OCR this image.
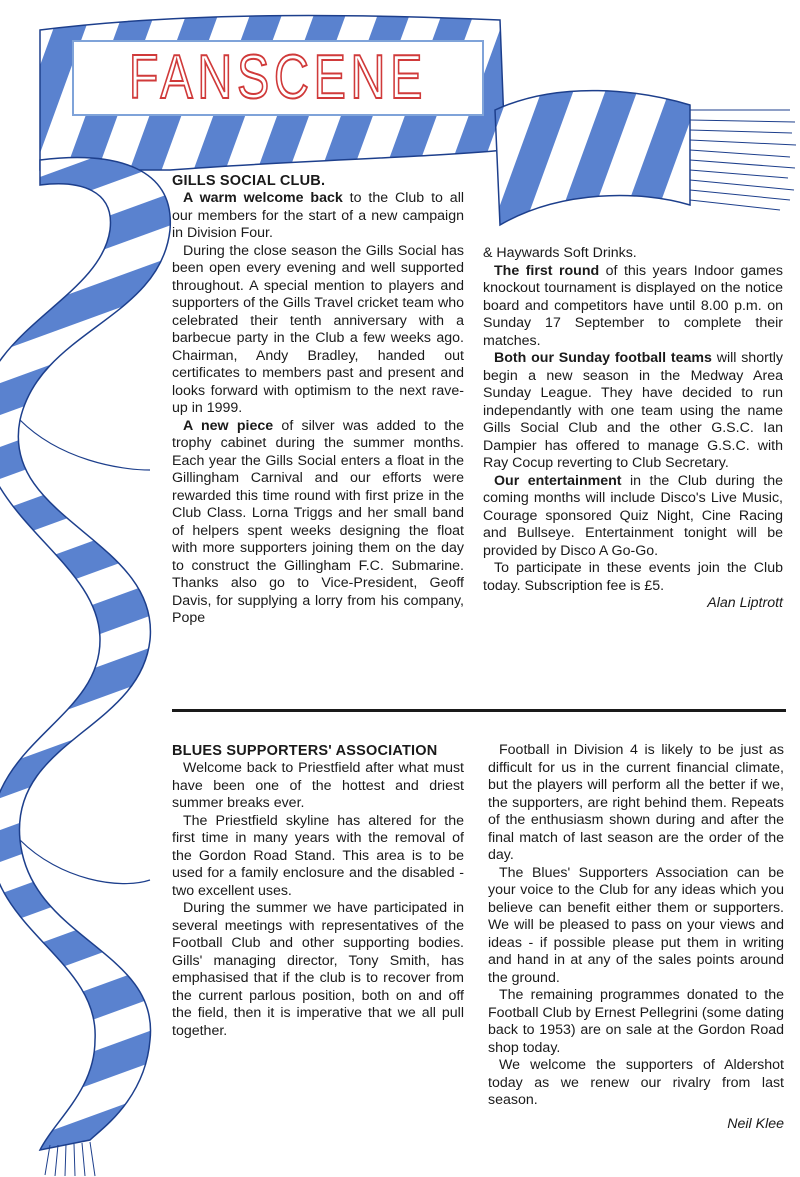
FANSCENE
GILLS SOCIAL CLUB.

A warm welcome back to the Club to all our members for the start of a new campaign in Division Four.

During the close season the Gills Social has been open every evening and well supported throughout. A special mention to players and supporters of the Gills Travel cricket team who celebrated their tenth anniversary with a barbecue party in the Club a few weeks ago. Chairman, Andy Bradley, handed out certificates to members past and present and looks forward with optimism to the next rave-up in 1999.

A new piece of silver was added to the trophy cabinet during the summer months. Each year the Gills Social enters a float in the Gillingham Carnival and our efforts were rewarded this time round with first prize in the Club Class. Lorna Triggs and her small band of helpers spent weeks designing the float with more supporters joining them on the day to construct the Gillingham F.C. Submarine. Thanks also go to Vice-President, Geoff Davis, for supplying a lorry from his company, Pope

& Haywards Soft Drinks.

The first round of this years Indoor games knockout tournament is displayed on the notice board and competitors have until 8.00 p.m. on Sunday 17 September to complete their matches.

Both our Sunday football teams will shortly begin a new season in the Medway Area Sunday League. They have decided to run independantly with one team using the name Gills Social Club and the other G.S.C. Ian Dampier has offered to manage G.S.C. with Ray Cocup reverting to Club Secretary.

Our entertainment in the Club during the coming months will include Disco's Live Music, Courage sponsored Quiz Night, Cine Racing and Bullseye. Entertainment tonight will be provided by Disco A Go-Go.

To participate in these events join the Club today. Subscription fee is £5.

Alan Liptrott

BLUES SUPPORTERS' ASSOCIATION

Welcome back to Priestfield after what must have been one of the hottest and driest summer breaks ever.

The Priestfield skyline has altered for the first time in many years with the removal of the Gordon Road Stand. This area is to be used for a family enclosure and the disabled - two excellent uses.

During the summer we have participated in several meetings with representatives of the Football Club and other supporting bodies. Gills' managing director, Tony Smith, has emphasised that if the club is to recover from the current parlous position, both on and off the field, then it is imperative that we all pull together.

Football in Division 4 is likely to be just as difficult for us in the current financial climate, but the players will perform all the better if we, the supporters, are right behind them. Repeats of the enthusiasm shown during and after the final match of last season are the order of the day.

The Blues' Supporters Association can be your voice to the Club for any ideas which you believe can benefit either them or supporters. We will be pleased to pass on your views and ideas - if possible please put them in writing and hand in at any of the sales points around the ground.

The remaining programmes donated to the Football Club by Ernest Pellegrini (some dating back to 1953) are on sale at the Gordon Road shop today.

We welcome the supporters of Aldershot today as we renew our rivalry from last season.

Neil Klee
